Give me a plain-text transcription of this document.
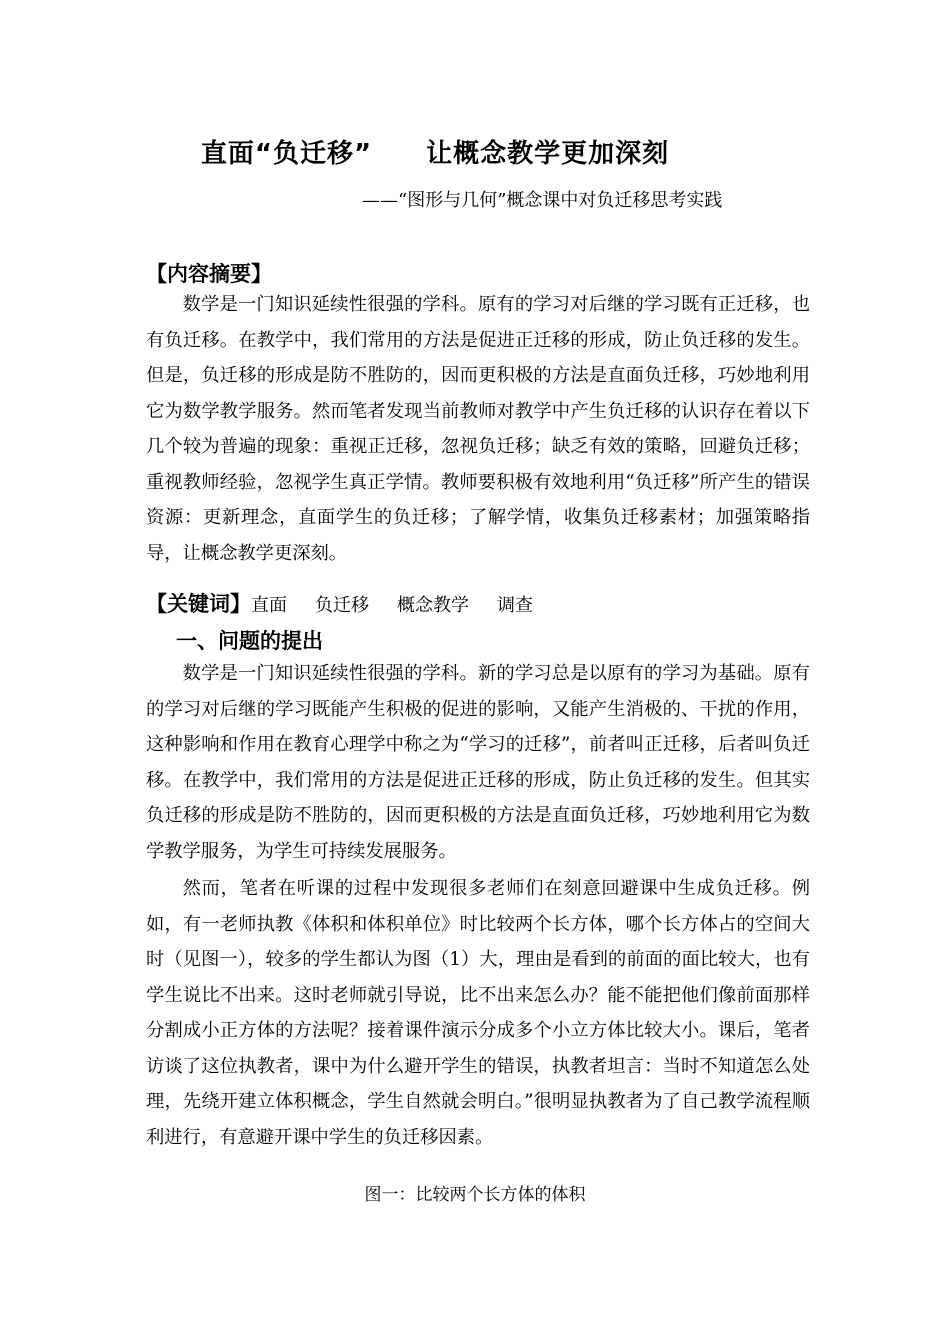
直面“负迁移”　　让概念教学更加深刻
——“图形与几何”概念课中对负迁移思考实践
【内容摘要】
数学是一门知识延续性很强的学科。原有的学习对后继的学习既有正迁移，也有负迁移。在教学中，我们常用的方法是促进正迁移的形成，防止负迁移的发生。但是，负迁移的形成是防不胜防的，因而更积极的方法是直面负迁移，巧妙地利用它为数学教学服务。然而笔者发现当前教师对教学中产生负迁移的认识存在着以下几个较为普遍的现象：重视正迁移，忽视负迁移；缺乏有效的策略，回避负迁移；重视教师经验，忽视学生真正学情。教师要积极有效地利用“负迁移”所产生的错误资源：更新理念，直面学生的负迁移；了解学情，收集负迁移素材；加强策略指导，让概念教学更深刻。
【关键词】 直面 负迁移 概念教学 调查
一、问题的提出
数学是一门知识延续性很强的学科。新的学习总是以原有的学习为基础。原有的学习对后继的学习既能产生积极的促进的影响，又能产生消极的、干扰的作用，这种影响和作用在教育心理学中称之为“学习的迁移”，前者叫正迁移，后者叫负迁移。在教学中，我们常用的方法是促进正迁移的形成，防止负迁移的发生。但其实负迁移的形成是防不胜防的，因而更积极的方法是直面负迁移，巧妙地利用它为数学教学服务，为学生可持续发展服务。
然而，笔者在听课的过程中发现很多老师们在刻意回避课中生成负迁移。例如，有一老师执教《体积和体积单位》时比较两个长方体，哪个长方体占的空间大时（见图一），较多的学生都认为图（1）大，理由是看到的前面的面比较大，也有学生说比不出来。这时老师就引导说，比不出来怎么办？能不能把他们像前面那样分割成小正方体的方法呢？接着课件演示分成多个小立方体比较大小。课后，笔者访谈了这位执教者，课中为什么避开学生的错误，执教者坦言：当时不知道怎么处理，先绕开建立体积概念，学生自然就会明白。”很明显执教者为了自己教学流程顺利进行，有意避开课中学生的负迁移因素。
图一：比较两个长方体的体积
